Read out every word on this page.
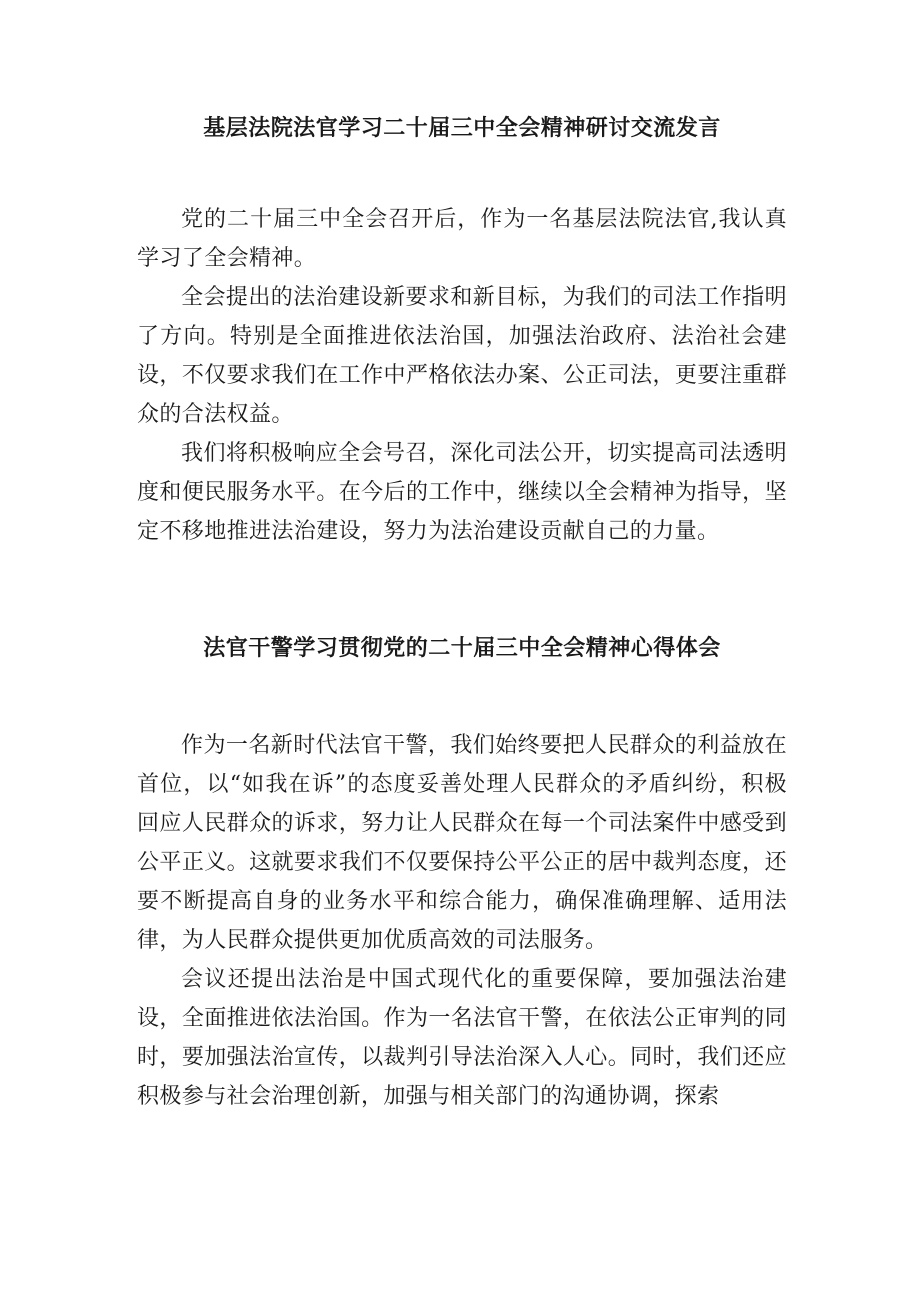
基层法院法官学习二十届三中全会精神研讨交流发言

党的二十届三中全会召开后，作为一名基层法院法官,我认真学习了全会精神。

全会提出的法治建设新要求和新目标，为我们的司法工作指明了方向。特别是全面推进依法治国，加强法治政府、法治社会建设，不仅要求我们在工作中严格依法办案、公正司法，更要注重群众的合法权益。

我们将积极响应全会号召，深化司法公开，切实提高司法透明度和便民服务水平。在今后的工作中，继续以全会精神为指导，坚定不移地推进法治建设，努力为法治建设贡献自己的力量。

法官干警学习贯彻党的二十届三中全会精神心得体会

作为一名新时代法官干警，我们始终要把人民群众的利益放在首位，以“如我在诉”的态度妥善处理人民群众的矛盾纠纷，积极回应人民群众的诉求，努力让人民群众在每一个司法案件中感受到公平正义。这就要求我们不仅要保持公平公正的居中裁判态度，还要不断提高自身的业务水平和综合能力，确保准确理解、适用法律，为人民群众提供更加优质高效的司法服务。

会议还提出法治是中国式现代化的重要保障，要加强法治建设，全面推进依法治国。作为一名法官干警，在依法公正审判的同时，要加强法治宣传，以裁判引导法治深入人心。同时，我们还应积极参与社会治理创新，加强与相关部门的沟通协调，探索
